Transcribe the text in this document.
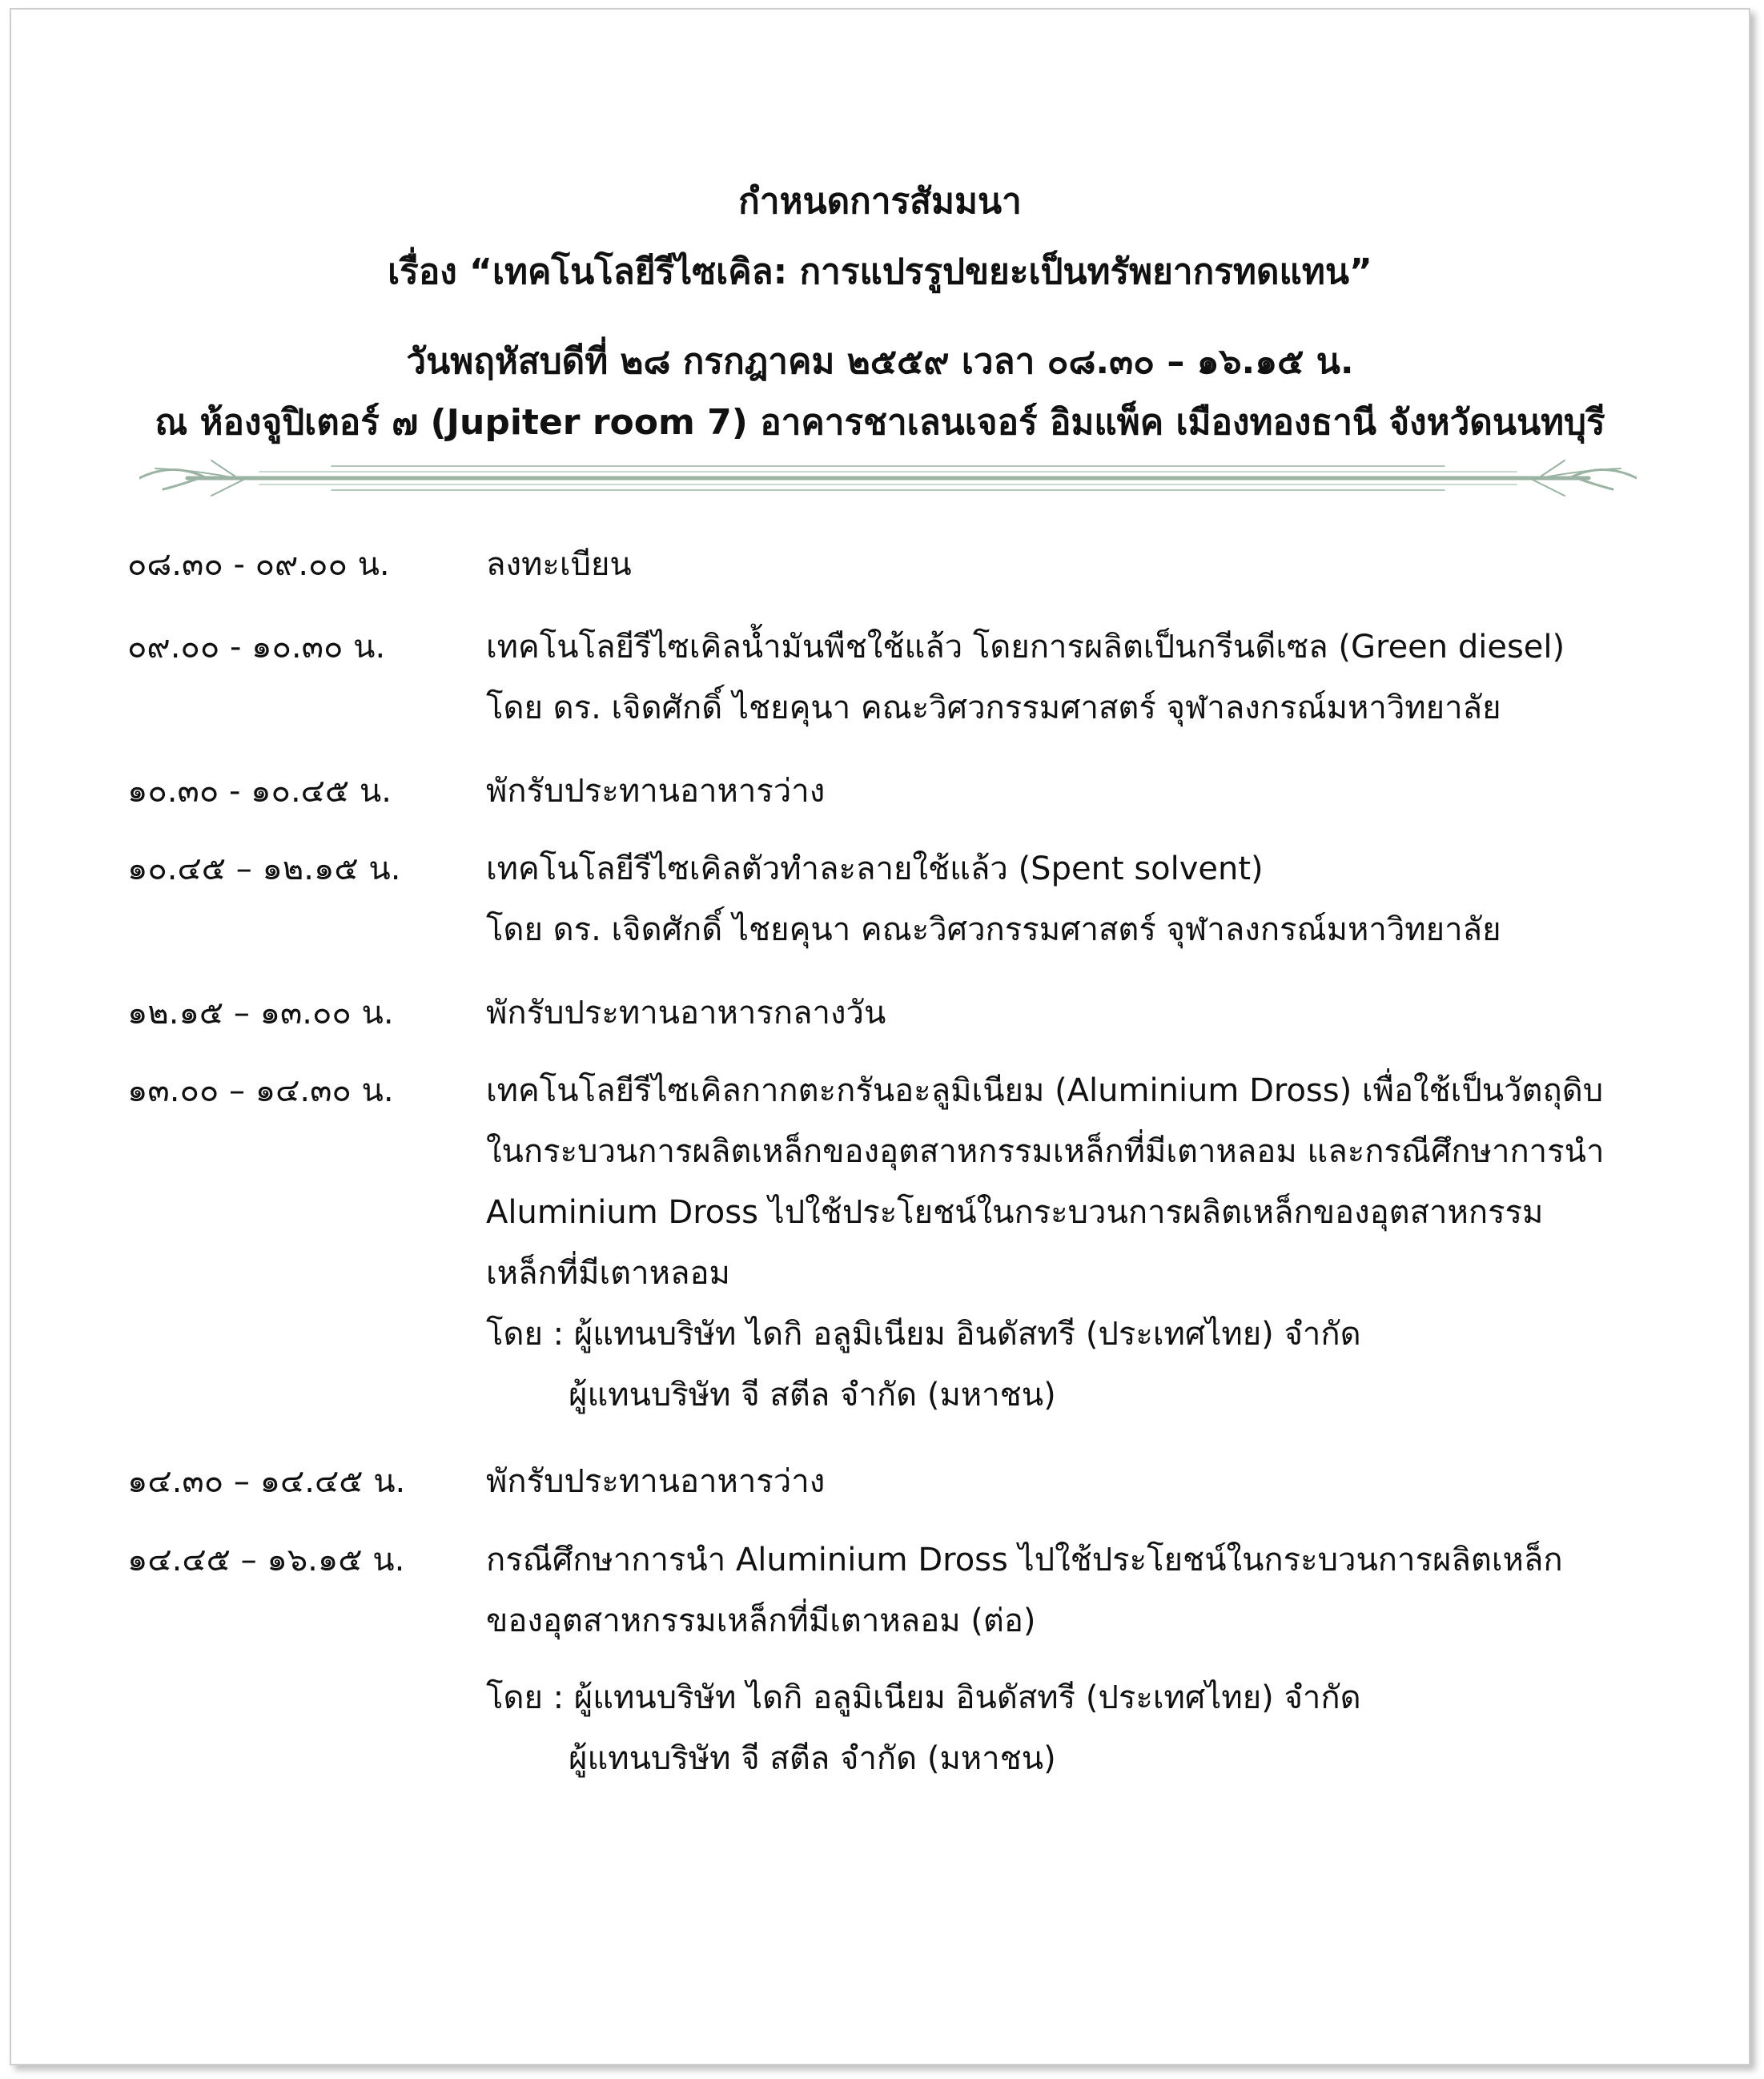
กำหนดการสัมมนา
เรื่อง “เทคโนโลยีรีไซเคิล: การแปรรูปขยะเป็นทรัพยากรทดแทน”
วันพฤหัสบดีที่ ๒๘ กรกฎาคม ๒๕๕๙ เวลา ๐๘.๓๐ – ๑๖.๑๕ น.
ณ ห้องจูปิเตอร์ ๗ (Jupiter room 7) อาคารชาเลนเจอร์ อิมแพ็ค เมืองทองธานี จังหวัดนนทบุรี
๐๘.๓๐ - ๐๙.๐๐ น.	ลงทะเบียน
๐๙.๐๐ - ๑๐.๓๐ น.	เทคโนโลยีรีไซเคิลน้ำมันพืชใช้แล้ว โดยการผลิตเป็นกรีนดีเซล (Green diesel)
โดย ดร. เจิดศักดิ์ ไชยคุนา คณะวิศวกรรมศาสตร์ จุฬาลงกรณ์มหาวิทยาลัย
๑๐.๓๐ - ๑๐.๔๕ น.	พักรับประทานอาหารว่าง
๑๐.๔๕ – ๑๒.๑๕ น.	เทคโนโลยีรีไซเคิลตัวทำละลายใช้แล้ว (Spent solvent)
โดย ดร. เจิดศักดิ์ ไชยคุนา คณะวิศวกรรมศาสตร์ จุฬาลงกรณ์มหาวิทยาลัย
๑๒.๑๕ – ๑๓.๐๐ น.	พักรับประทานอาหารกลางวัน
๑๓.๐๐ – ๑๔.๓๐ น.	เทคโนโลยีรีไซเคิลกากตะกรันอะลูมิเนียม (Aluminium Dross) เพื่อใช้เป็นวัตถุดิบ
ในกระบวนการผลิตเหล็กของอุตสาหกรรมเหล็กที่มีเตาหลอม และกรณีศึกษาการนำ
Aluminium Dross ไปใช้ประโยชน์ในกระบวนการผลิตเหล็กของอุตสาหกรรม
เหล็กที่มีเตาหลอม
โดย : ผู้แทนบริษัท ไดกิ อลูมิเนียม อินดัสทรี (ประเทศไทย) จำกัด
ผู้แทนบริษัท จี สตีล จำกัด (มหาชน)
๑๔.๓๐ – ๑๔.๔๕ น.	พักรับประทานอาหารว่าง
๑๔.๔๕ – ๑๖.๑๕ น.	กรณีศึกษาการนำ Aluminium Dross ไปใช้ประโยชน์ในกระบวนการผลิตเหล็ก
ของอุตสาหกรรมเหล็กที่มีเตาหลอม (ต่อ)
โดย : ผู้แทนบริษัท ไดกิ อลูมิเนียม อินดัสทรี (ประเทศไทย) จำกัด
ผู้แทนบริษัท จี สตีล จำกัด (มหาชน)
